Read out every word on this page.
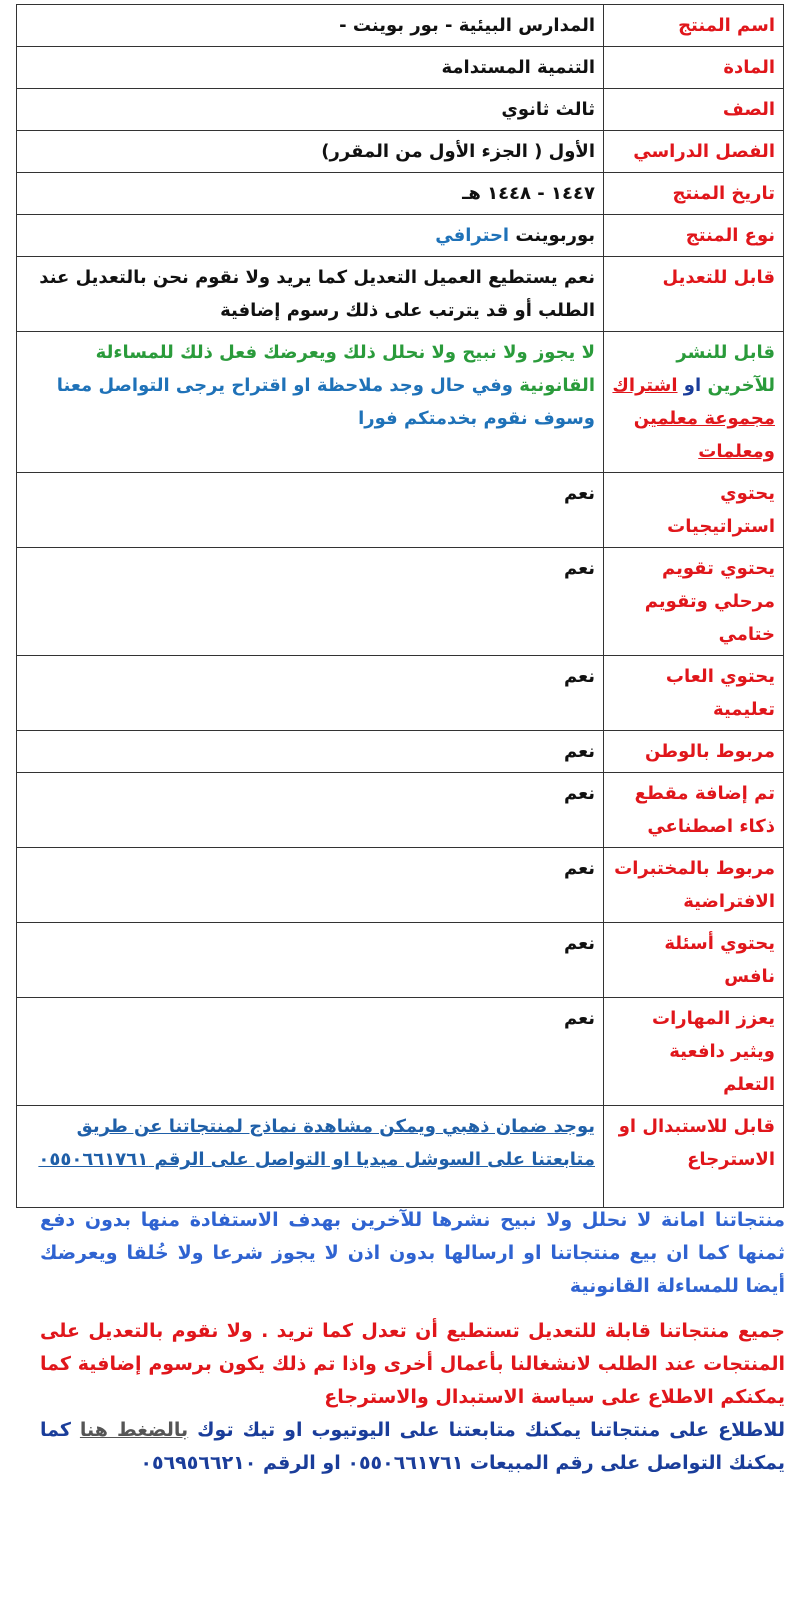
اسم المنتج	المدارس البيئية - بور بوينت -
المادة	التنمية المستدامة
الصف	ثالث ثانوي
الفصل الدراسي	الأول ( الجزء الأول من المقرر)
تاريخ المنتج	١٤٤٧ - ١٤٤٨ هـ
نوع المنتج	بوربوينت احترافي
قابل للتعديل	نعم يستطيع العميل التعديل كما يريد ولا نقوم نحن بالتعديل عند الطلب أو قد يترتب على ذلك رسوم إضافية
قابل للنشر للآخرين او اشتراك مجموعة معلمين ومعلمات	لا يجوز ولا نبيح ولا نحلل ذلك ويعرضك فعل ذلك للمساءلة القانونية وفي حال وجد ملاحظة او اقتراح يرجى التواصل معنا وسوف نقوم بخدمتكم فورا
يحتوي استراتيجيات	نعم
يحتوي تقويم مرحلي وتقويم ختامي	نعم
يحتوي العاب تعليمية	نعم
مربوط بالوطن	نعم
تم إضافة مقطع ذكاء اصطناعي	نعم
مربوط بالمختبرات الافتراضية	نعم
يحتوي أسئلة نافس	نعم
يعزز المهارات ويثير دافعية التعلم	نعم
قابل للاستبدال او الاسترجاع	يوجد ضمان ذهبي ويمكن مشاهدة نماذج لمنتجاتنا عن طريق متابعتنا على السوشل ميديا او التواصل على الرقم ٠٥٥٠٦٦١٧٦١

منتجاتنا امانة لا نحلل ولا نبيح نشرها للآخرين بهدف الاستفادة منها بدون دفع ثمنها كما ان بيع منتجاتنا او ارسالها بدون اذن لا يجوز شرعا ولا خُلقا ويعرضك أيضا للمساءلة القانونية

جميع منتجاتنا قابلة للتعديل تستطيع أن تعدل كما تريد . ولا نقوم بالتعديل على المنتجات عند الطلب لانشغالنا بأعمال أخرى واذا تم ذلك يكون برسوم إضافية كما يمكنكم الاطلاع على سياسة الاستبدال والاسترجاع

للاطلاع على منتجاتنا يمكنك متابعتنا على اليوتيوب او تيك توك بالضغط هنا كما يمكنك التواصل على رقم المبيعات ٠٥٥٠٦٦١٧٦١ او الرقم ٠٥٦٩٥٦٦٢١٠
